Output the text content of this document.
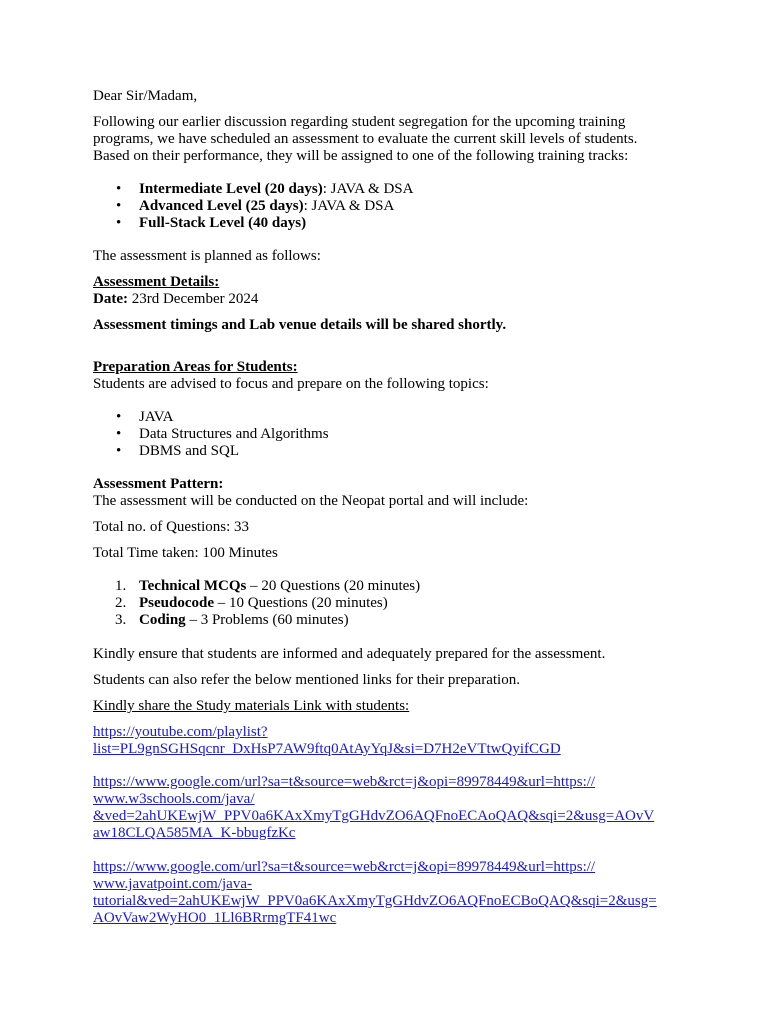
Dear Sir/Madam,
Following our earlier discussion regarding student segregation for the upcoming training
programs, we have scheduled an assessment to evaluate the current skill levels of students.
Based on their performance, they will be assigned to one of the following training tracks:
• Intermediate Level (20 days): JAVA & DSA
• Advanced Level (25 days): JAVA & DSA
• Full-Stack Level (40 days)
The assessment is planned as follows:
Assessment Details:
Date: 23rd December 2024
Assessment timings and Lab venue details will be shared shortly.
Preparation Areas for Students:
Students are advised to focus and prepare on the following topics:
• JAVA
• Data Structures and Algorithms
• DBMS and SQL
Assessment Pattern:
The assessment will be conducted on the Neopat portal and will include:
Total no. of Questions: 33
Total Time taken: 100 Minutes
1. Technical MCQs – 20 Questions (20 minutes)
2. Pseudocode – 10 Questions (20 minutes)
3. Coding – 3 Problems (60 minutes)
Kindly ensure that students are informed and adequately prepared for the assessment.
Students can also refer the below mentioned links for their preparation.
Kindly share the Study materials Link with students:
https://youtube.com/playlist?
list=PL9gnSGHSqcnr_DxHsP7AW9ftq0AtAyYqJ&si=D7H2eVTtwQyifCGD
https://www.google.com/url?sa=t&source=web&rct=j&opi=89978449&url=https://
www.w3schools.com/java/
&ved=2ahUKEwjW_PPV0a6KAxXmyTgGHdvZO6AQFnoECAoQAQ&sqi=2&usg=AOvV
aw18CLQA585MA_K-bbugfzKc
https://www.google.com/url?sa=t&source=web&rct=j&opi=89978449&url=https://
www.javatpoint.com/java-
tutorial&ved=2ahUKEwjW_PPV0a6KAxXmyTgGHdvZO6AQFnoECBoQAQ&sqi=2&usg=
AOvVaw2WyHO0_1Ll6BRrmgTF41wc
